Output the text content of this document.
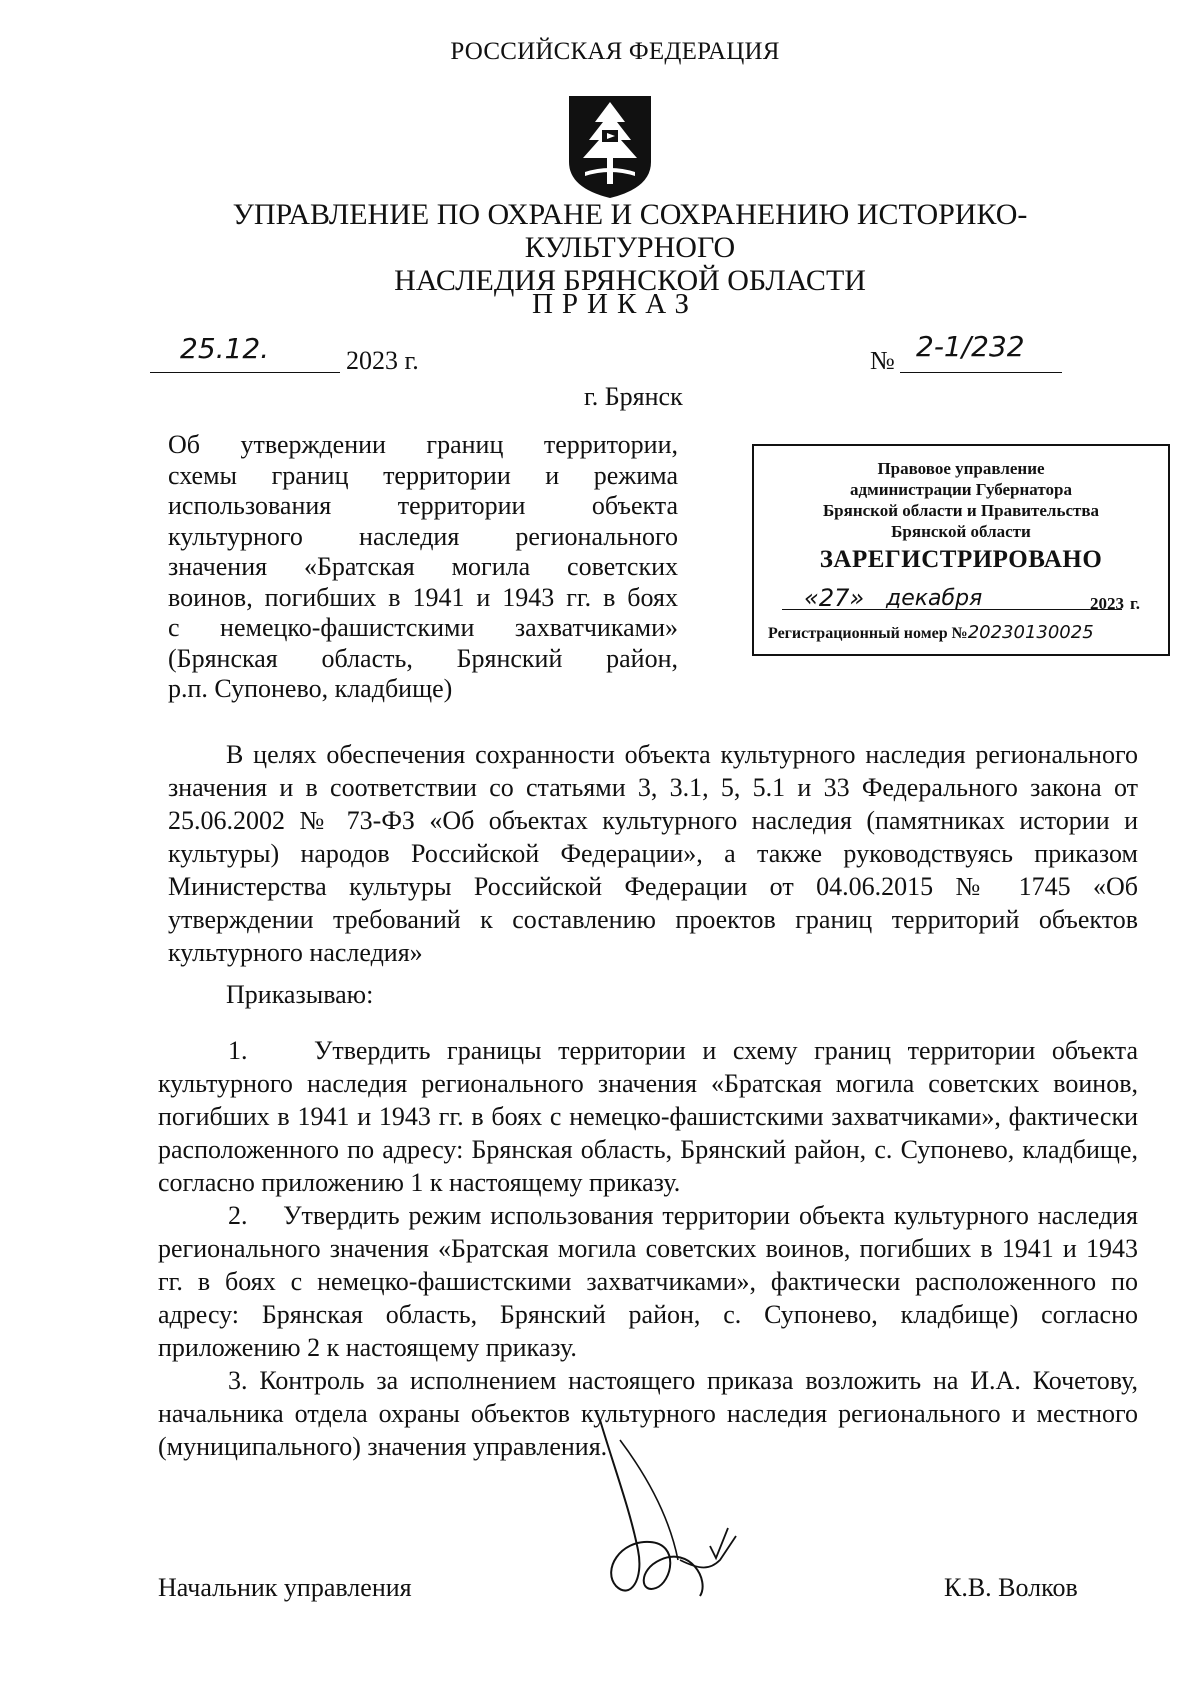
РОССИЙСКАЯ ФЕДЕРАЦИЯ
УПРАВЛЕНИЕ ПО ОХРАНЕ И СОХРАНЕНИЮ ИСТОРИКО-КУЛЬТУРНОГО
НАСЛЕДИЯ БРЯНСКОЙ ОБЛАСТИ
ПРИКАЗ
25.12.	2023 г.	№ 2-1/232
г. Брянск
Об утверждении границ территории,
схемы границ территории и режима
использования территории объекта
культурного наследия регионального
значения «Братская могила советских
воинов, погибших в 1941 и 1943 гг. в боях
с немецко-фашистскими захватчиками»
(Брянская область, Брянский район,
р.п. Супонево, кладбище)
Правовое управление
администрации Губернатора
Брянской области и Правительства
Брянской области
ЗАРЕГИСТРИРОВАНО
«27» декабря	2023 г.
Регистрационный номер №20230130025

В целях обеспечения сохранности объекта культурного наследия регионального значения и в соответствии со статьями 3, 3.1, 5, 5.1 и 33 Федерального закона от 25.06.2002 № 73-ФЗ «Об объектах культурного наследия (памятниках истории и культуры) народов Российской Федерации», а также руководствуясь приказом Министерства культуры Российской Федерации от 04.06.2015 № 1745 «Об утверждении требований к составлению проектов границ территорий объектов культурного наследия»

Приказываю:

1.    Утвердить границы территории и схему границ территории объекта культурного наследия регионального значения «Братская могила советских воинов, погибших в 1941 и 1943 гг. в боях с немецко-фашистскими захватчиками», фактически расположенного по адресу: Брянская область, Брянский район, с. Супонево, кладбище, согласно приложению 1 к настоящему приказу.

2.    Утвердить режим использования территории объекта культурного наследия регионального значения «Братская могила советских воинов, погибших в 1941 и 1943 гг. в боях с немецко-фашистскими захватчиками», фактически расположенного по адресу: Брянская область, Брянский район, с. Супонево, кладбище) согласно приложению 2 к настоящему приказу.

3. Контроль за исполнением настоящего приказа возложить на И.А. Кочетову, начальника отдела охраны объектов культурного наследия регионального и местного (муниципального) значения управления.

Начальник управления	К.В. Волков
